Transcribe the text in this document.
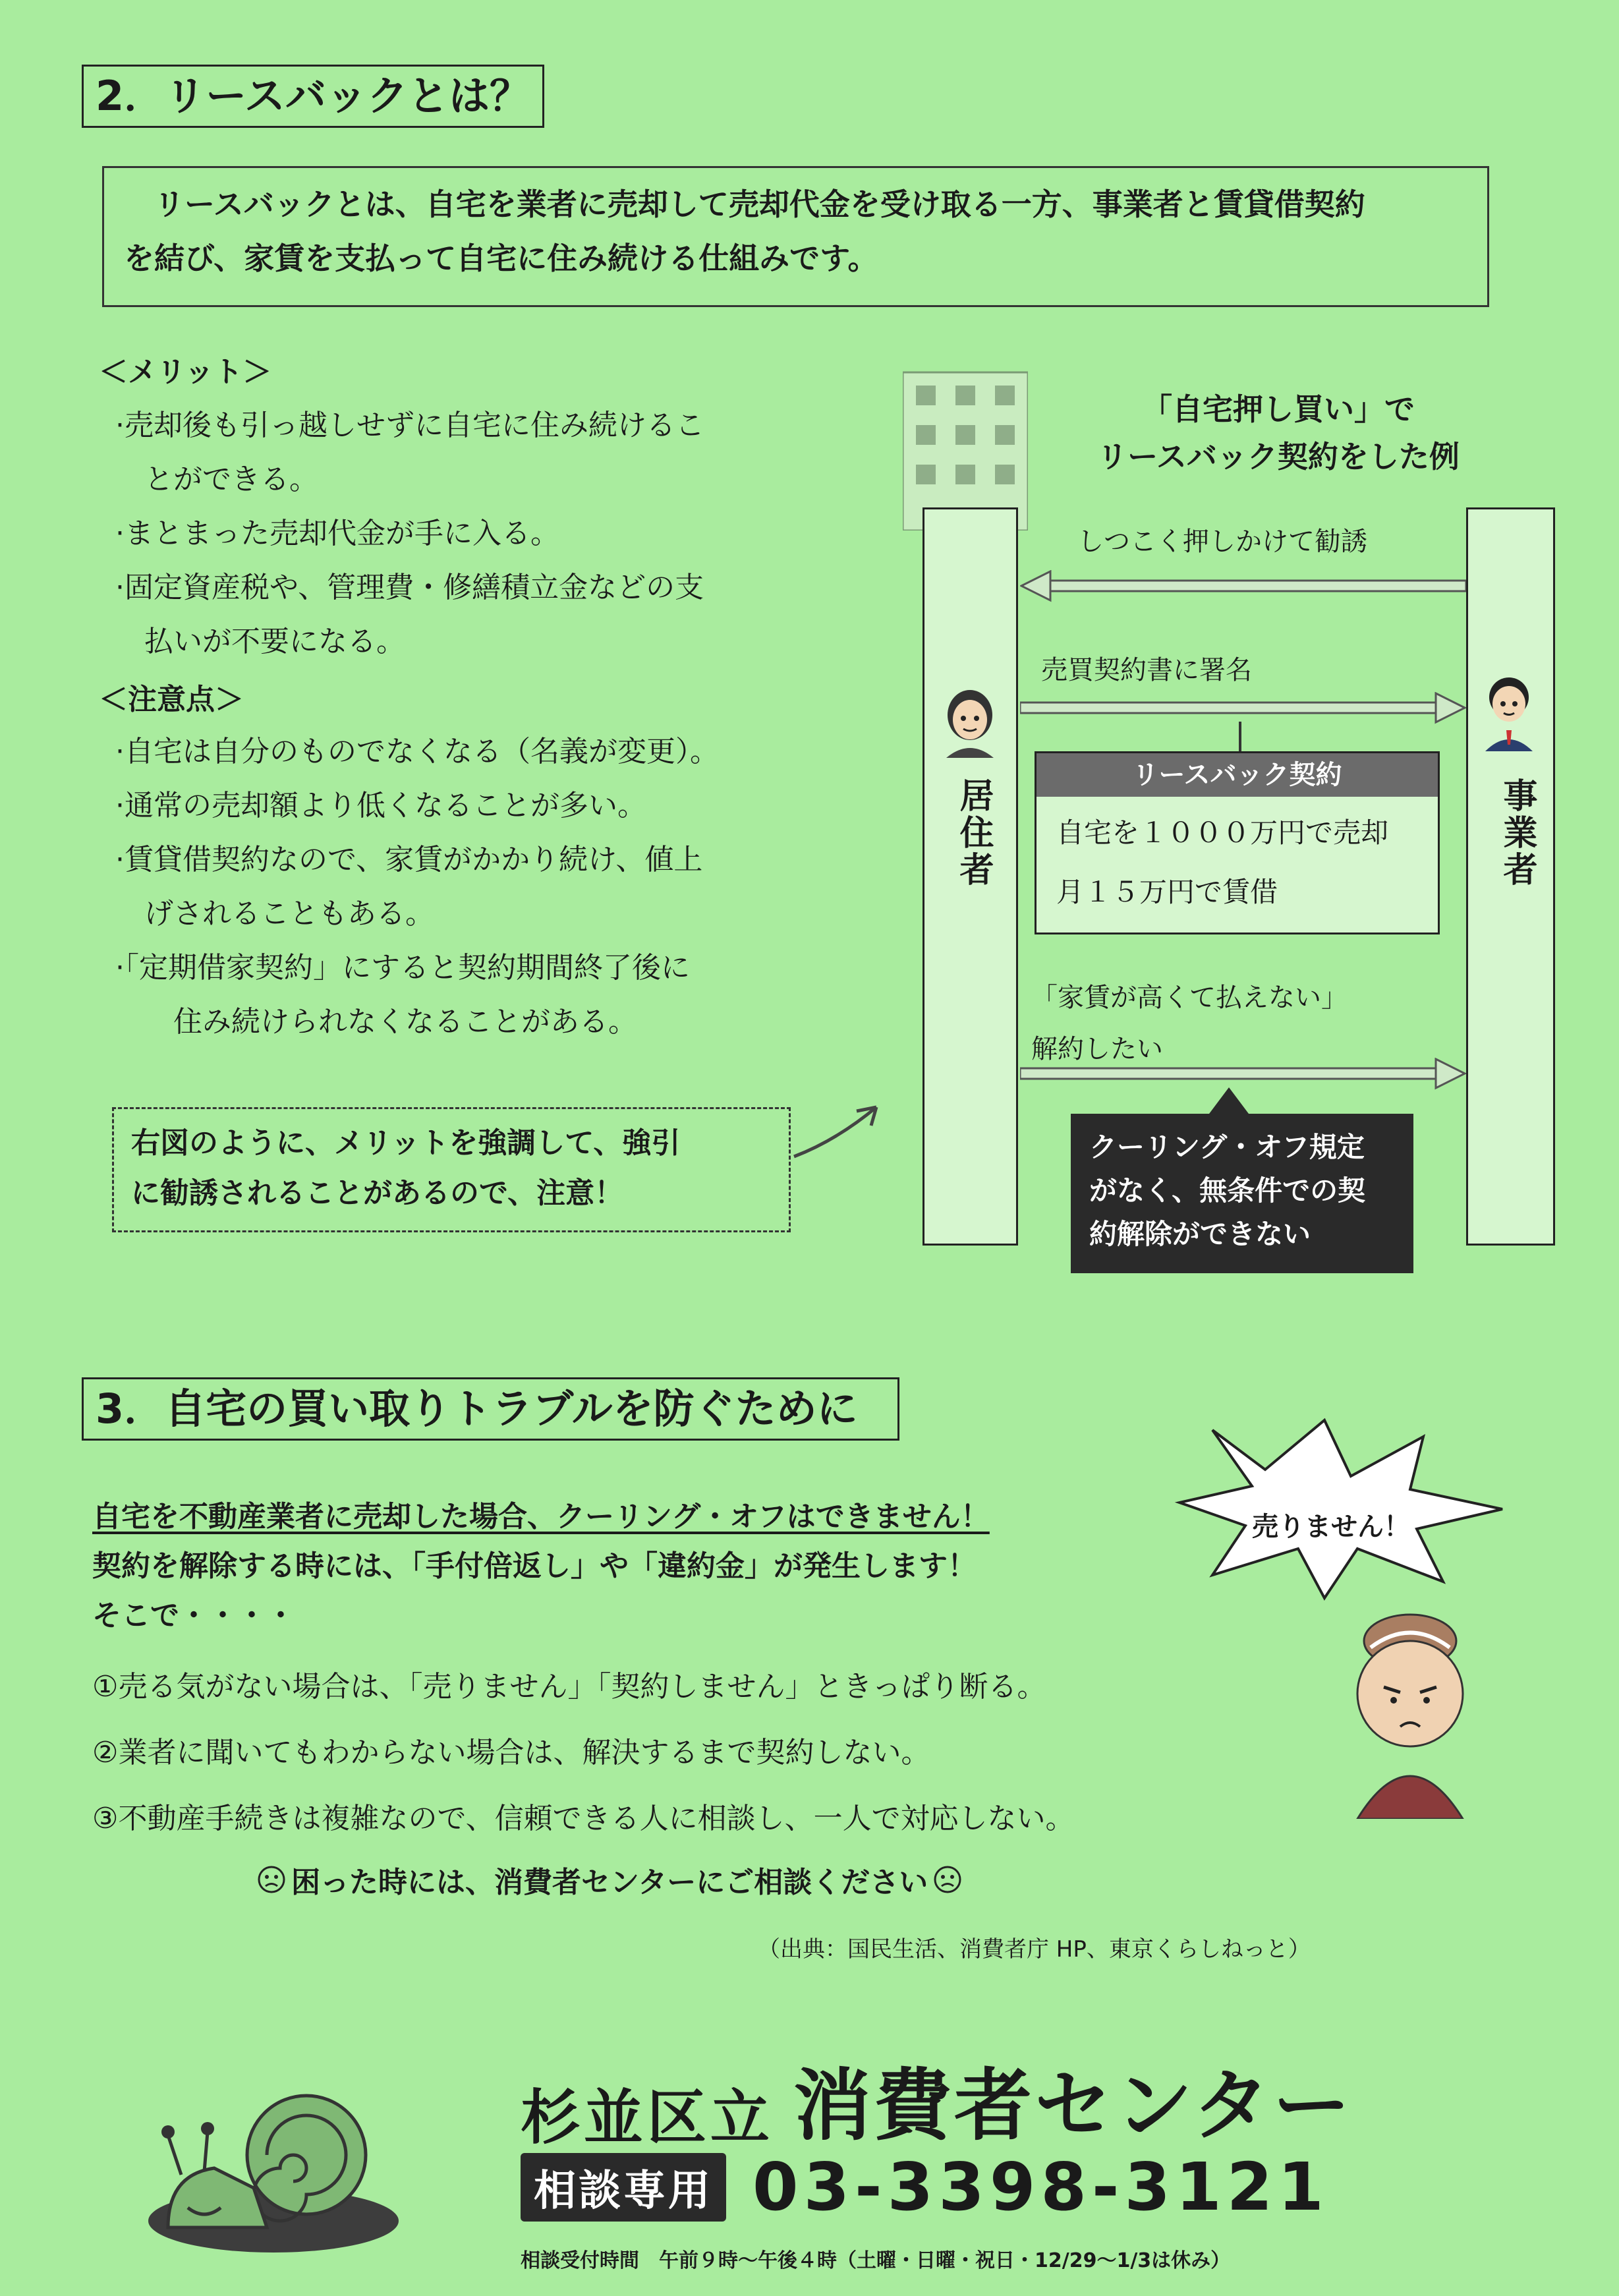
2．リースバックとは？
　リースバックとは、自宅を業者に売却して売却代金を受け取る一方、事業者と賃貸借契約
を結び、家賃を支払って自宅に住み続ける仕組みです。
＜メリット＞
·売却後も引っ越しせずに自宅に住み続けるこ
　とができる。
·まとまった売却代金が手に入る。
·固定資産税や、管理費・修繕積立金などの支
　払いが不要になる。
＜注意点＞
·自宅は自分のものでなくなる（名義が変更）。
·通常の売却額より低くなることが多い。
·賃貸借契約なので、家賃がかかり続け、値上
　げされることもある。
·「定期借家契約」にすると契約期間終了後に
　　住み続けられなくなることがある。
右図のように、メリットを強調して、強引
に勧誘されることがあるので、注意！
「自宅押し買い」で
リースバック契約をした例
居住者	事業者
しつこく押しかけて勧誘
売買契約書に署名
リースバック契約
自宅を１０００万円で売却
月１５万円で賃借
「家賃が高くて払えない」
解約したい
クーリング・オフ規定
がなく、無条件での契
約解除ができない
3．自宅の買い取りトラブルを防ぐために
自宅を不動産業者に売却した場合、クーリング・オフはできません！
契約を解除する時には、「手付倍返し」や「違約金」が発生します！
そこで・・・・
①売る気がない場合は、「売りません」「契約しません」ときっぱり断る。
②業者に聞いてもわからない場合は、解決するまで契約しない。
③不動産手続きは複雑なので、信頼できる人に相談し、一人で対応しない。
困った時には、消費者センターにご相談ください
（出典：国民生活、消費者庁 HP、東京くらしねっと）
売りません！
杉並区立 消費者センター
相談専用 03-3398-3121
相談受付時間　午前９時～午後４時（土曜・日曜・祝日・12/29～1/3は休み）
